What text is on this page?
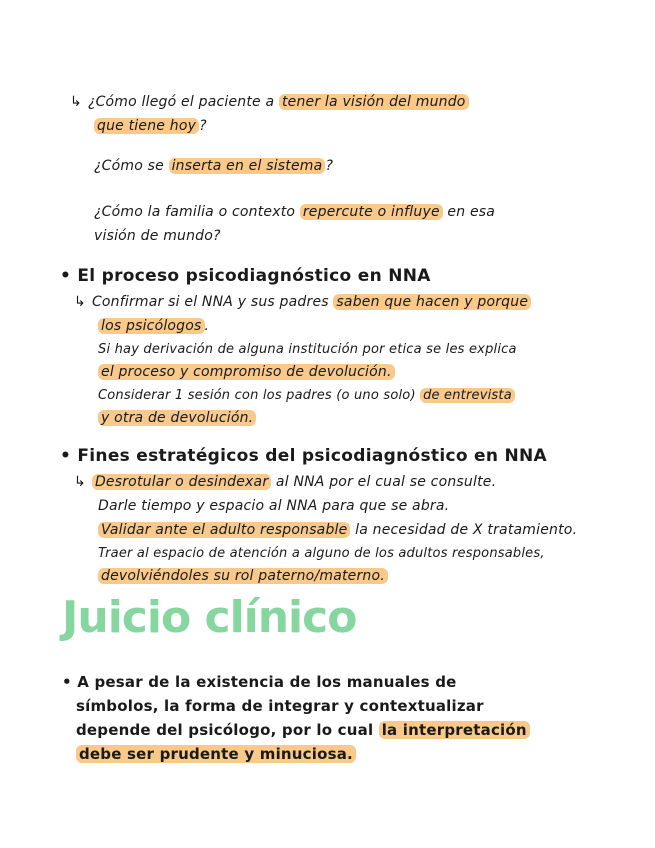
↳ ¿Cómo llegó el paciente a tener la visión del mundo
que tiene hoy ?
¿Cómo se inserta en el sistema ?
¿Cómo la familia o contexto repercute o influye en esa
visión de mundo?
• El proceso psicodiagnóstico en NNA
↳ Confirmar si el NNA y sus padres saben que hacen y porque
los psicólogos .
Si hay derivación de alguna institución por etica se les explica
el proceso y compromiso de devolución.
Considerar 1 sesión con los padres (o uno solo) de entrevista
y otra de devolución.
• Fines estratégicos del psicodiagnóstico en NNA
↳ Desrotular o desindexar al NNA por el cual se consulte.
Darle tiempo y espacio al NNA para que se abra.
Validar ante el adulto responsable la necesidad de X tratamiento.
Traer al espacio de atención a alguno de los adultos responsables,
devolviéndoles su rol paterno/materno.
Juicio clínico
• A pesar de la existencia de los manuales de
símbolos, la forma de integrar y contextualizar
depende del psicólogo, por lo cual la interpretación
debe ser prudente y minuciosa.
